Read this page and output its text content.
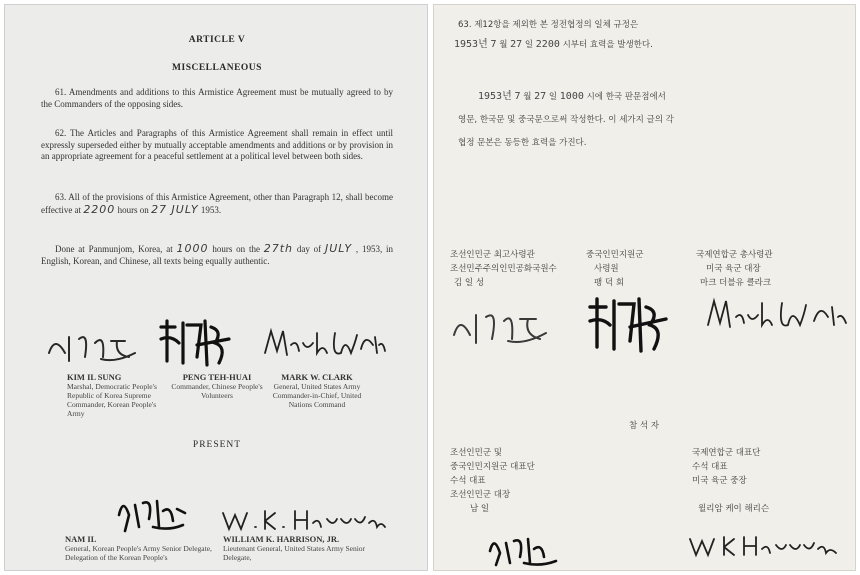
ARTICLE V
MISCELLANEOUS
61. Amendments and additions to this Armistice Agreement must be mutually agreed to by the Commanders of the opposing sides.
62. The Articles and Paragraphs of this Armistice Agreement shall remain in effect until expressly superseded either by mutually acceptable amendments and additions or by provision in an appropriate agreement for a peaceful settlement at a political level between both sides.
63. All of the provisions of this Armistice Agreement, other than Paragraph 12, shall become effective at 2200 hours on 27 JULY 1953.
Done at Panmunjom, Korea, at 1000 hours on the 27th day of JULY , 1953, in English, Korean, and Chinese, all texts being equally authentic.
KIM IL SUNG
Marshal, Democratic People's Republic of Korea Supreme Commander, Korean People's Army
PENG TEH-HUAI
Commander, Chinese People's Volunteers
MARK W. CLARK
General, United States Army Commander-in-Chief, United Nations Command
PRESENT
NAM IL
General, Korean People's Army Senior Delegate, Delegation of the Korean People's
WILLIAM K. HARRISON, JR.
Lieutenant General, United States Army Senior Delegate,
63. 제12항을 제외한 본 정전협정의 일체 규정은
1953년 7 월 27 일 2200 시부터 효력을 발생한다.
1953년 7 월 27 일 1000 시에 한국 판문점에서
영문, 한국문 및 중국문으로써 작성한다. 이 세가지 글의 각
협정 문본은 동등한 효력을 가진다.
조선인민군 최고사령관
조선민주주의인민공화국원수
김 일 성
중국인민지원군
사령원
팽 덕 회
국제연합군 총사령관
미국 육군 대장
마크 더블유 클라크
참 석 자
조선인민군 및
중국인민지원군 대표단
수석 대표
조선인민군 대장
남 일
국제연합군 대표단
수석 대표
미국 육군 중장
윌리암 케이 해리슨
